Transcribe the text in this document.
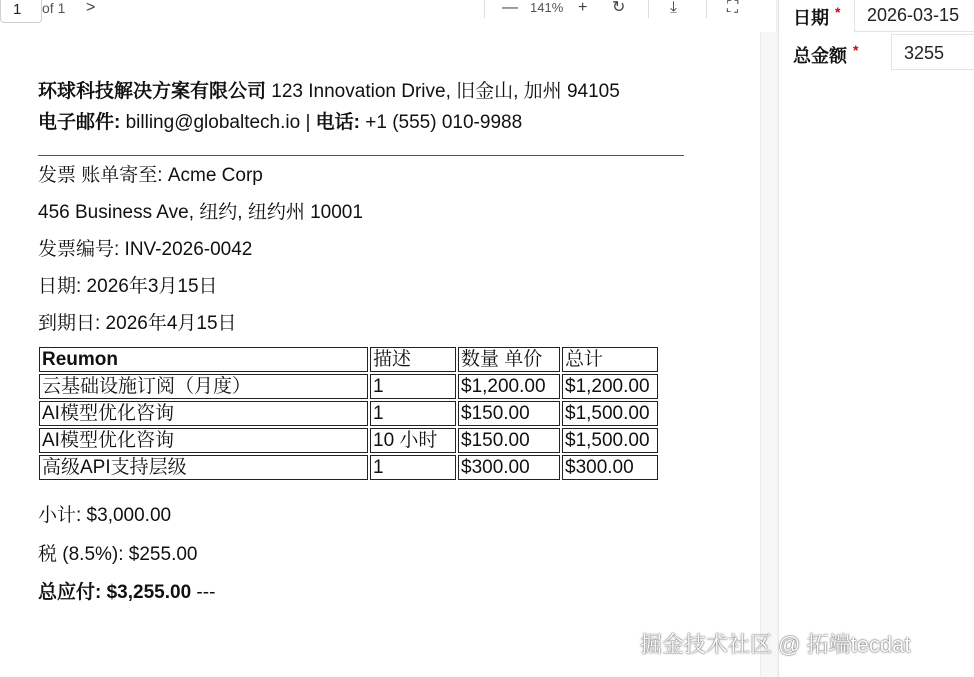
1	of 1 >	— 141% + ↻	⤓	⛶
环球科技解决方案有限公司 123 Innovation Drive, 旧金山, 加州 94105
电子邮件: billing@globaltech.io | 电话: +1 (555) 010-9988
发票 账单寄至: Acme Corp
456 Business Ave, 纽约, 纽约州 10001
发票编号: INV-2026-0042
日期: 2026年3月15日
到期日: 2026年4月15日
Reumon	描述	数量 单价	总计
云基础设施订阅（月度）	1	$1,200.00	$1,200.00
AI模型优化咨询	1	$150.00	$1,500.00
AI模型优化咨询	10 小时	$150.00	$1,500.00
高级API支持层级	1	$300.00	$300.00
小计: $3,000.00
税 (8.5%): $255.00
总应付: $3,255.00 ---
日期 *	2026-03-15
总金额 *	3255
掘金技术社区 @ 拓端tecdat
